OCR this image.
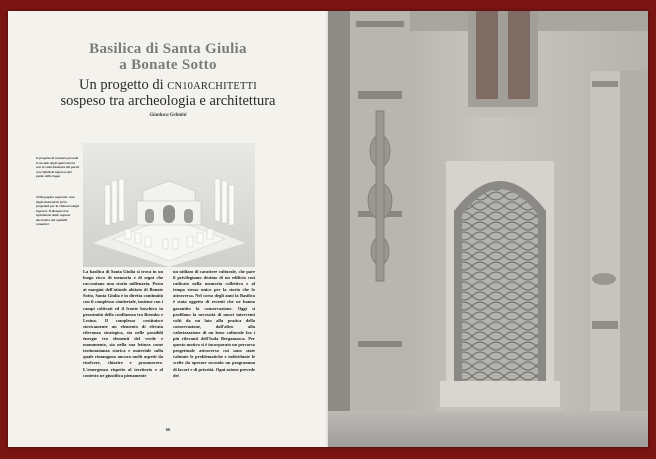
Basilica di Santa Giulia
a Bonate Sotto
Un progetto di CN10ARCHITETTI
sospeso tra archeologia e architettura
Gianluca Gelmini
Il progetto di restauro prevede il riscatto degli spazi esterni con la valorizzazione dei pareti ora rifiniti di ingresso del punto delle logge.
Nella pagina seguente: una degli elementi in ferro progettati per la chiusura degli ingressi. Il disegno trae ispirazione dalle sagome decorative dei capitelli romanici.
La basilica di Santa Giulia si trova in un luogo ricco di memoria e di segni che raccontano una storia millenaria. Posta ai margini dell'attuale abitato di Bonate Sotto, Santa Giulia è in diretta continuità con il complesso cimiteriale, insieme con i campi coltivati ed il fronte boschivo in prossimità della confluenza tra Brembo e Lesina. Il complesso costituisce storicamente un elemento di elevata rilevanza strategica, sia nelle possibili énergie tra elementi del verde e monumento, sia nella sua lettura come testimonianza storica e materiale sulla quale rimangono ancora molti aspetti da risolvere, chiarire e promuovere. L'emergenza rispetto al territorio e al contesto ne giustifica pienamente
un utilizzo di carattere culturale, che pare il privilegiamo destino di un edificio così radicato nella memoria collettiva e al tempo stesso unico per la storia che lo attraversa. Nel corso degli anni la Basilica è stata oggetto di recenti che ne hanno garantito la conservazione. Oggi si profilano la necessità di nuovi interventi volti da un lato alla pratica della conservazione, dall'altro alla valorizzazione di un bene culturale fra i più rilevanti dell'Isola Bergamasca. Per questo motivo si è incorporato un percorso progettuale attraverso cui sono state valutate le problematiche e individuate le scelte da operare secondo un programma di lavori e di priorità. Ogni azione prevede dei
66
